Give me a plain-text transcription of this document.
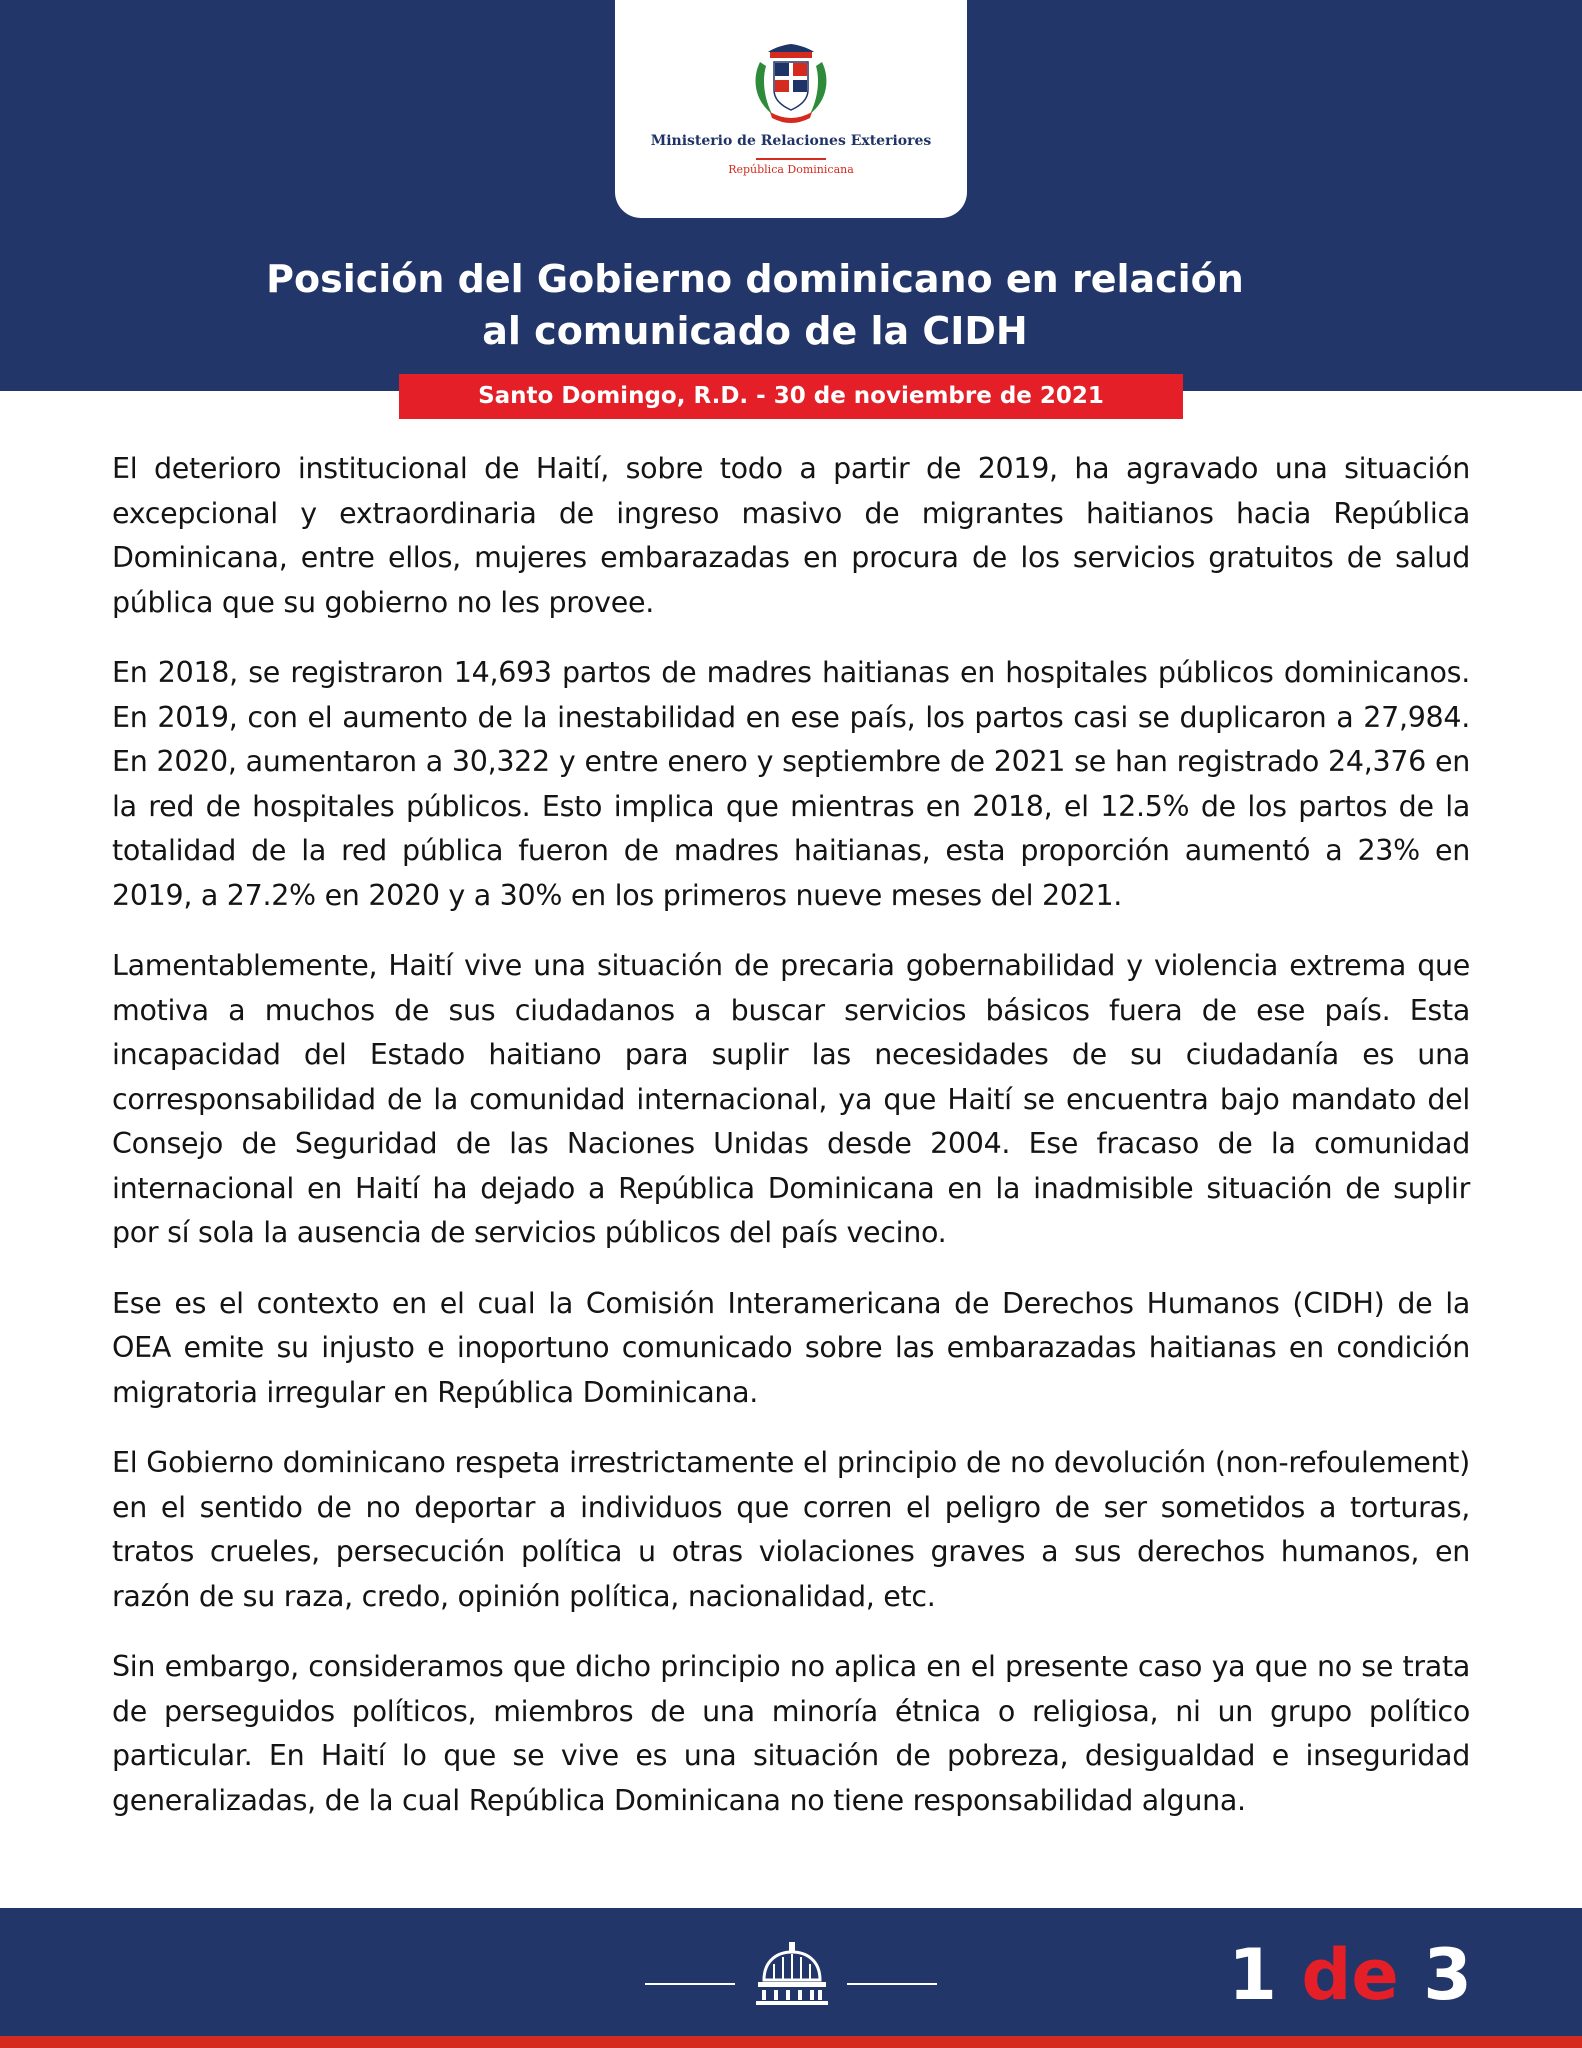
Ministerio de Relaciones Exteriores
República Dominicana
Posición del Gobierno dominicano en relación
al comunicado de la CIDH
Santo Domingo, R.D. - 30 de noviembre de 2021

El deterioro institucional de Haití, sobre todo a partir de 2019, ha agravado una situación excepcional y extraordinaria de ingreso masivo de migrantes haitianos hacia República Dominicana, entre ellos, mujeres embarazadas en procura de los servicios gratuitos de salud pública que su gobierno no les provee.

En 2018, se registraron 14,693 partos de madres haitianas en hospitales públicos dominicanos. En 2019, con el aumento de la inestabilidad en ese país, los partos casi se duplicaron a 27,984. En 2020, aumentaron a 30,322 y entre enero y septiembre de 2021 se han registrado 24,376 en la red de hospitales públicos. Esto implica que mientras en 2018, el 12.5% de los partos de la totalidad de la red pública fueron de madres haitianas, esta proporción aumentó a 23% en 2019, a 27.2% en 2020 y a 30% en los primeros nueve meses del 2021.

Lamentablemente, Haití vive una situación de precaria gobernabilidad y violencia extrema que motiva a muchos de sus ciudadanos a buscar servicios básicos fuera de ese país. Esta incapacidad del Estado haitiano para suplir las necesidades de su ciudadanía es una corresponsabilidad de la comunidad internacional, ya que Haití se encuentra bajo mandato del Consejo de Seguridad de las Naciones Unidas desde 2004. Ese fracaso de la comunidad internacional en Haití ha dejado a República Dominicana en la inadmisible situación de suplir por sí sola la ausencia de servicios públicos del país vecino.

Ese es el contexto en el cual la Comisión Interamericana de Derechos Humanos (CIDH) de la OEA emite su injusto e inoportuno comunicado sobre las embarazadas haitianas en condición migratoria irregular en República Dominicana.

El Gobierno dominicano respeta irrestrictamente el principio de no devolución (non-refoulement) en el sentido de no deportar a individuos que corren el peligro de ser sometidos a torturas, tratos crueles, persecución política u otras violaciones graves a sus derechos humanos, en razón de su raza, credo, opinión política, nacionalidad, etc.

Sin embargo, consideramos que dicho principio no aplica en el presente caso ya que no se trata de perseguidos políticos, miembros de una minoría étnica o religiosa, ni un grupo político particular. En Haití lo que se vive es una situación de pobreza, desigualdad e inseguridad generalizadas, de la cual República Dominicana no tiene responsabilidad alguna.

1 de 3
